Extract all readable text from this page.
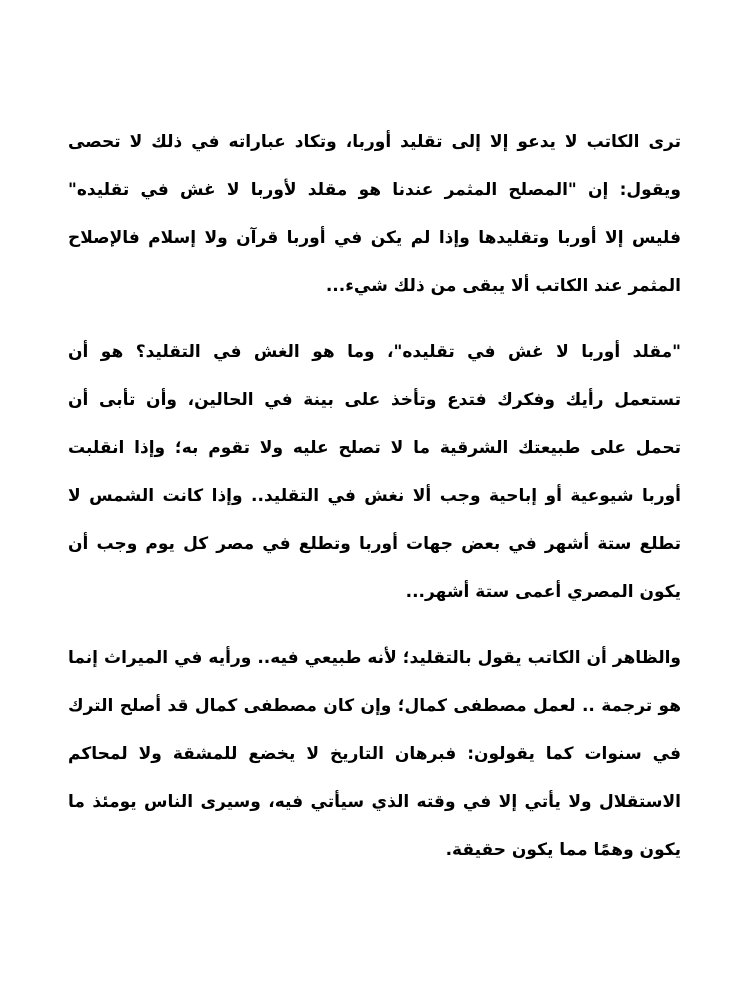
ترى الكاتب لا يدعو إلا إلى تقليد أوربا، وتكاد عباراته في ذلك لا تحصى
ويقول: إن "المصلح المثمر عندنا هو مقلد لأوربا لا غش في تقليده"
فليس إلا أوربا وتقليدها وإذا لم يكن في أوربا قرآن ولا إسلام فالإصلاح
المثمر عند الكاتب ألا يبقى من ذلك شيء...
"مقلد أوربا لا غش في تقليده"، وما هو الغش في التقليد؟ هو أن
تستعمل رأيك وفكرك فتدع وتأخذ على بينة في الحالين، وأن تأبى أن
تحمل على طبيعتك الشرقية ما لا تصلح عليه ولا تقوم به؛ وإذا انقلبت
أوربا شيوعية أو إباحية وجب ألا نغش في التقليد.. وإذا كانت الشمس لا
تطلع ستة أشهر في بعض جهات أوربا وتطلع في مصر كل يوم وجب أن
يكون المصري أعمى ستة أشهر...
والظاهر أن الكاتب يقول بالتقليد؛ لأنه طبيعي فيه.. ورأيه في الميراث إنما
هو ترجمة .. لعمل مصطفى كمال؛ وإن كان مصطفى كمال قد أصلح الترك
في سنوات كما يقولون: فبرهان التاريخ لا يخضع للمشقة ولا لمحاكم
الاستقلال ولا يأتي إلا في وقته الذي سيأتي فيه، وسيرى الناس يومئذ ما
يكون وهمًا مما يكون حقيقة.
